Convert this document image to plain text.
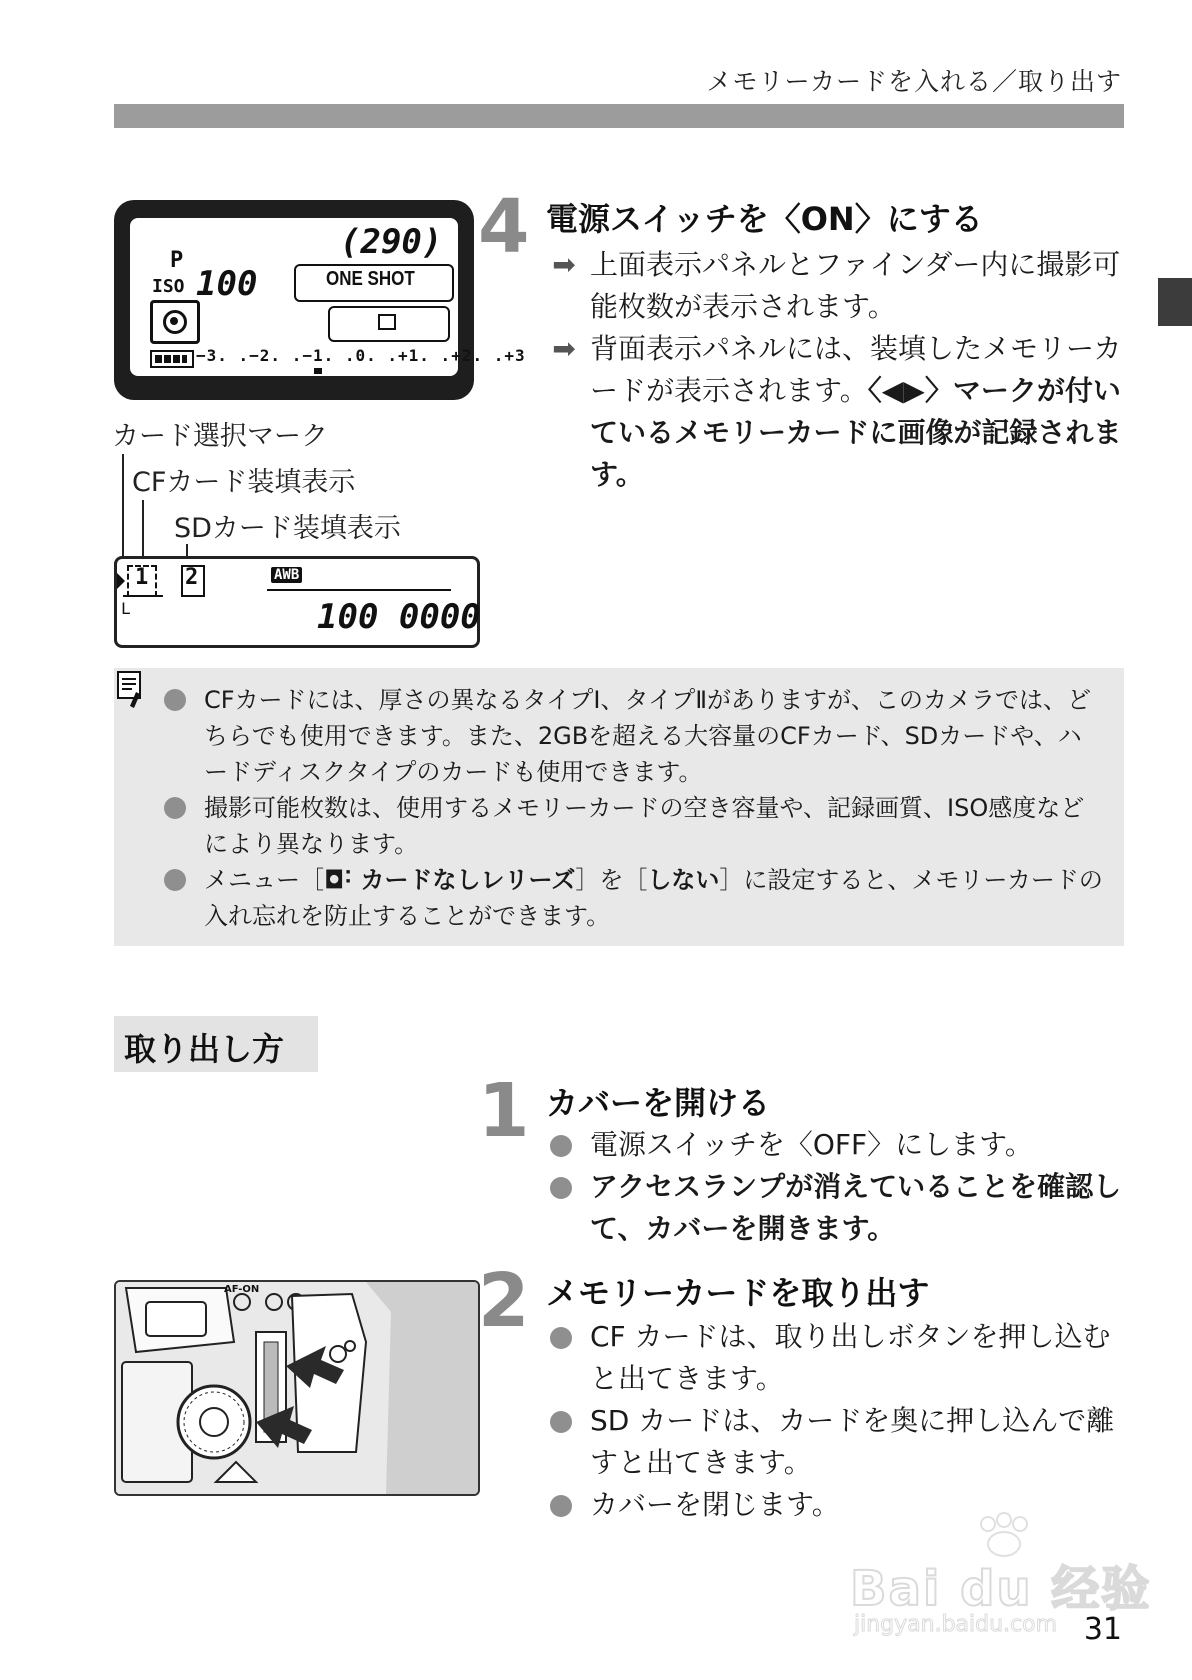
メモリーカードを入れる／取り出す
(290)
P
ISO 100	ONE SHOT
−3. .−2. .−1. .0. .+1. .+2. .+3
カード選択マーク
CFカード装填表示
SDカード装填表示
1 2	AWB
L	100 0000
4 電源スイッチを〈ON〉にする
➡ 上面表示パネルとファインダー内に撮影可能枚数が表示されます。
➡ 背面表示パネルには、装填したメモリーカードが表示されます。〈◀▶〉マークが付いているメモリーカードに画像が記録されます。
CFカードには、厚さの異なるタイプⅠ、タイプⅡがありますが、このカメラでは、どちらでも使用できます。また、2GBを超える大容量のCFカード、SDカードや、ハードディスクタイプのカードも使用できます。
撮影可能枚数は、使用するメモリーカードの空き容量や、記録画質、ISO感度などにより異なります。
メニュー［◘˸ カードなしレリーズ］を［しない］に設定すると、メモリーカードの入れ忘れを防止することができます。
取り出し方
1 カバーを開ける
電源スイッチを〈OFF〉にします。
アクセスランプが消えていることを確認して、カバーを開きます。
AF-ON	2 メモリーカードを取り出す
CF カードは、取り出しボタンを押し込むと出てきます。
SD カードは、カードを奥に押し込んで離すと出てきます。
カバーを閉じます。
Bai du 经验
jingyan.baidu.com 31
